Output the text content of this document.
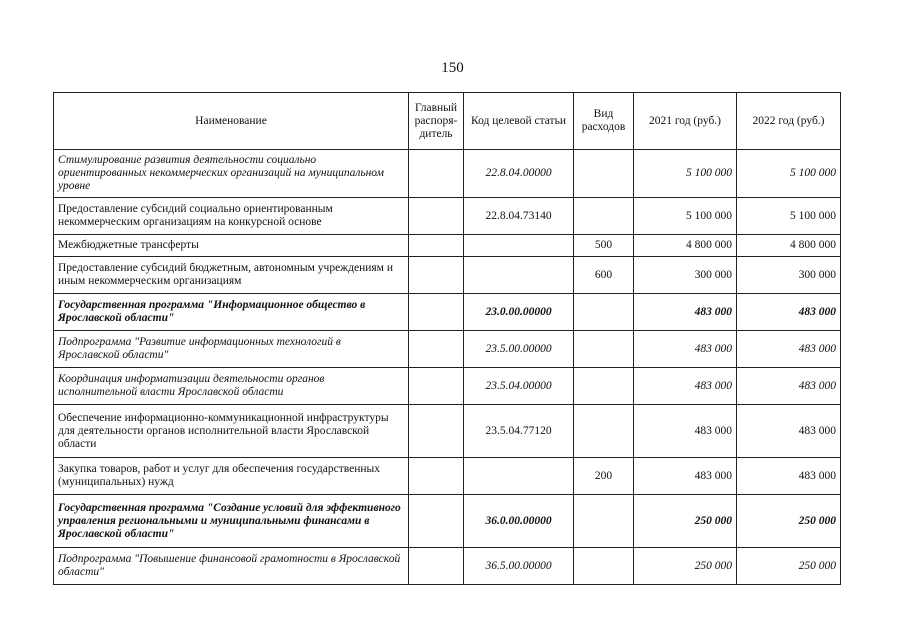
150
Наименование	Главный распоря-дитель	Код целевой статьи	Вид расходов	2021 год (руб.)	2022 год (руб.)
Стимулирование развития деятельности социально ориентированных некоммерческих организаций на муниципальном уровне		22.8.04.00000		5 100 000	5 100 000
Предоставление субсидий социально ориентированным некоммерческим организациям на конкурсной основе		22.8.04.73140		5 100 000	5 100 000
Межбюджетные трансферты			500	4 800 000	4 800 000
Предоставление субсидий бюджетным, автономным учреждениям и иным некоммерческим организациям			600	300 000	300 000
Государственная программа "Информационное общество в Ярославской области"		23.0.00.00000		483 000	483 000
Подпрограмма "Развитие информационных технологий в Ярославской области"		23.5.00.00000		483 000	483 000
Координация информатизации деятельности органов исполнительной власти Ярославской области		23.5.04.00000		483 000	483 000
Обеспечение информационно-коммуникационной инфраструктуры для деятельности органов исполнительной власти Ярославской области		23.5.04.77120		483 000	483 000
Закупка товаров, работ и услуг для обеспечения государственных (муниципальных) нужд			200	483 000	483 000
Государственная программа "Создание условий для эффективного управления региональными и муниципальными финансами в Ярославской области"		36.0.00.00000		250 000	250 000
Подпрограмма "Повышение финансовой грамотности в Ярославской области"		36.5.00.00000		250 000	250 000
